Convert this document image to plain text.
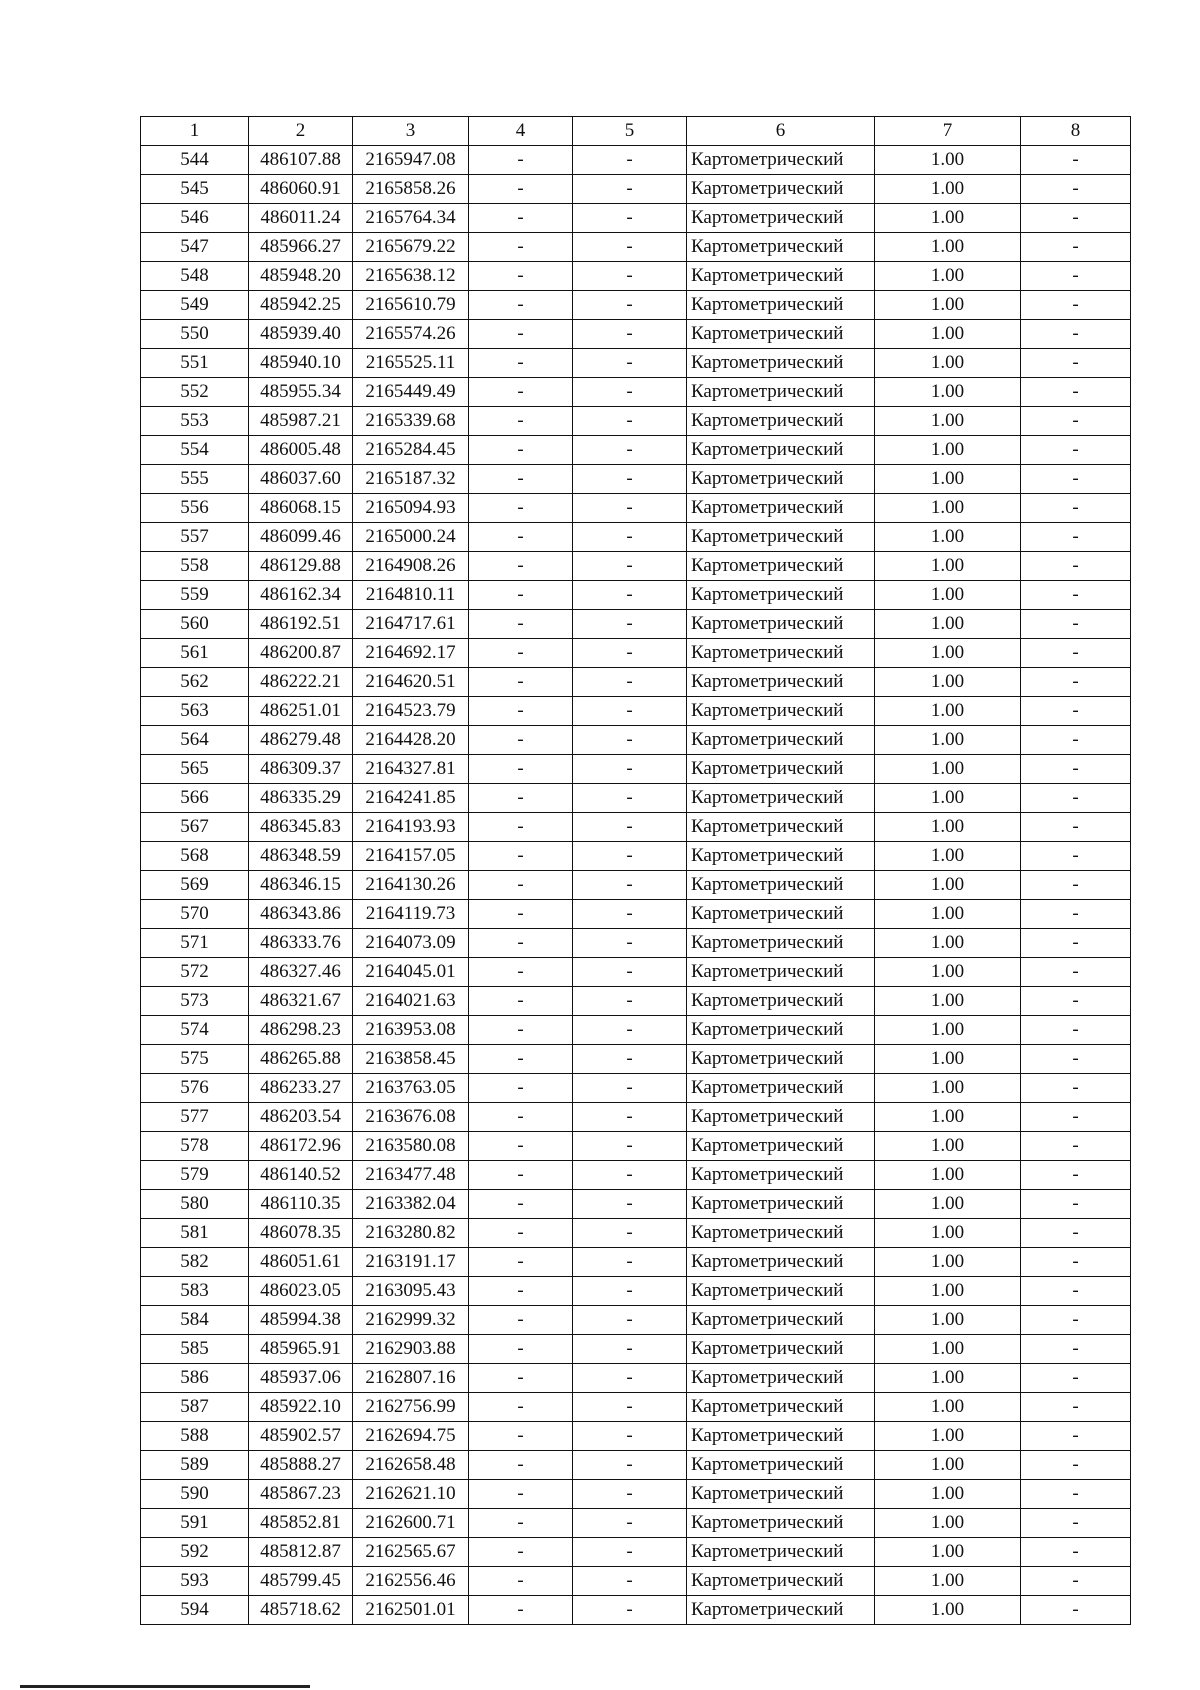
1	2	3	4	5	6	7	8
544	486107.88	2165947.08	-	-	Картометрический	1.00	-
545	486060.91	2165858.26	-	-	Картометрический	1.00	-
546	486011.24	2165764.34	-	-	Картометрический	1.00	-
547	485966.27	2165679.22	-	-	Картометрический	1.00	-
548	485948.20	2165638.12	-	-	Картометрический	1.00	-
549	485942.25	2165610.79	-	-	Картометрический	1.00	-
550	485939.40	2165574.26	-	-	Картометрический	1.00	-
551	485940.10	2165525.11	-	-	Картометрический	1.00	-
552	485955.34	2165449.49	-	-	Картометрический	1.00	-
553	485987.21	2165339.68	-	-	Картометрический	1.00	-
554	486005.48	2165284.45	-	-	Картометрический	1.00	-
555	486037.60	2165187.32	-	-	Картометрический	1.00	-
556	486068.15	2165094.93	-	-	Картометрический	1.00	-
557	486099.46	2165000.24	-	-	Картометрический	1.00	-
558	486129.88	2164908.26	-	-	Картометрический	1.00	-
559	486162.34	2164810.11	-	-	Картометрический	1.00	-
560	486192.51	2164717.61	-	-	Картометрический	1.00	-
561	486200.87	2164692.17	-	-	Картометрический	1.00	-
562	486222.21	2164620.51	-	-	Картометрический	1.00	-
563	486251.01	2164523.79	-	-	Картометрический	1.00	-
564	486279.48	2164428.20	-	-	Картометрический	1.00	-
565	486309.37	2164327.81	-	-	Картометрический	1.00	-
566	486335.29	2164241.85	-	-	Картометрический	1.00	-
567	486345.83	2164193.93	-	-	Картометрический	1.00	-
568	486348.59	2164157.05	-	-	Картометрический	1.00	-
569	486346.15	2164130.26	-	-	Картометрический	1.00	-
570	486343.86	2164119.73	-	-	Картометрический	1.00	-
571	486333.76	2164073.09	-	-	Картометрический	1.00	-
572	486327.46	2164045.01	-	-	Картометрический	1.00	-
573	486321.67	2164021.63	-	-	Картометрический	1.00	-
574	486298.23	2163953.08	-	-	Картометрический	1.00	-
575	486265.88	2163858.45	-	-	Картометрический	1.00	-
576	486233.27	2163763.05	-	-	Картометрический	1.00	-
577	486203.54	2163676.08	-	-	Картометрический	1.00	-
578	486172.96	2163580.08	-	-	Картометрический	1.00	-
579	486140.52	2163477.48	-	-	Картометрический	1.00	-
580	486110.35	2163382.04	-	-	Картометрический	1.00	-
581	486078.35	2163280.82	-	-	Картометрический	1.00	-
582	486051.61	2163191.17	-	-	Картометрический	1.00	-
583	486023.05	2163095.43	-	-	Картометрический	1.00	-
584	485994.38	2162999.32	-	-	Картометрический	1.00	-
585	485965.91	2162903.88	-	-	Картометрический	1.00	-
586	485937.06	2162807.16	-	-	Картометрический	1.00	-
587	485922.10	2162756.99	-	-	Картометрический	1.00	-
588	485902.57	2162694.75	-	-	Картометрический	1.00	-
589	485888.27	2162658.48	-	-	Картометрический	1.00	-
590	485867.23	2162621.10	-	-	Картометрический	1.00	-
591	485852.81	2162600.71	-	-	Картометрический	1.00	-
592	485812.87	2162565.67	-	-	Картометрический	1.00	-
593	485799.45	2162556.46	-	-	Картометрический	1.00	-
594	485718.62	2162501.01	-	-	Картометрический	1.00	-
